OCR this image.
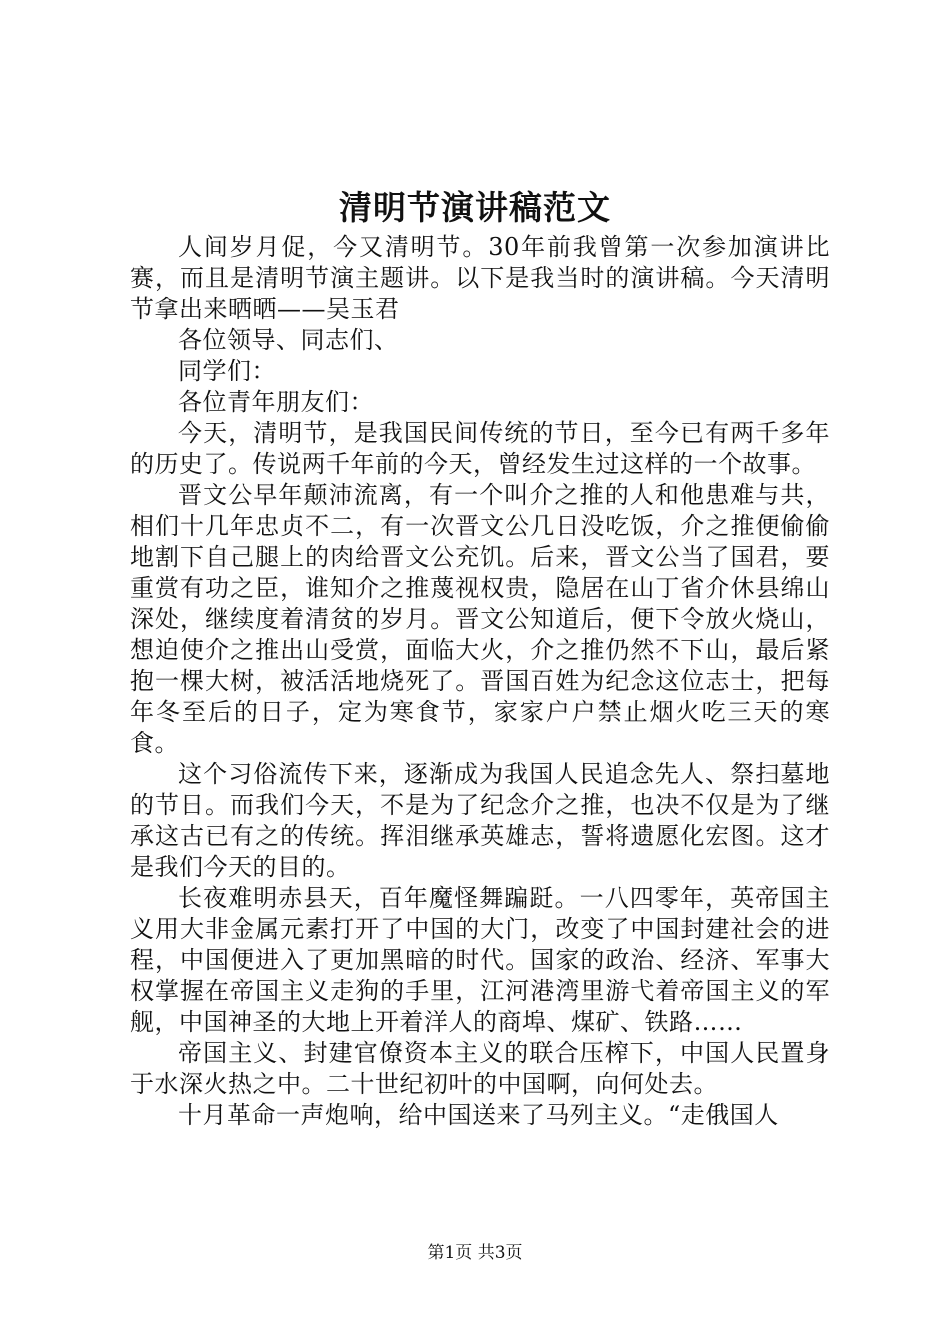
清明节演讲稿范文

人间岁月促，今又清明节。30年前我曾第一次参加演讲比赛，而且是清明节演主题讲。以下是我当时的演讲稿。今天清明节拿出来晒晒——吴玉君

各位领导、同志们、

同学们：

各位青年朋友们：

今天，清明节，是我国民间传统的节日，至今已有两千多年的历史了。传说两千年前的今天，曾经发生过这样的一个故事。

晋文公早年颠沛流离，有一个叫介之推的人和他患难与共，相们十几年忠贞不二，有一次晋文公几日没吃饭，介之推便偷偷地割下自己腿上的肉给晋文公充饥。后来，晋文公当了国君，要重赏有功之臣，谁知介之推蔑视权贵，隐居在山丁省介休县绵山深处，继续度着清贫的岁月。晋文公知道后，便下令放火烧山，想迫使介之推出山受赏，面临大火，介之推仍然不下山，最后紧抱一棵大树，被活活地烧死了。晋国百姓为纪念这位志士，把每年冬至后的日子，定为寒食节，家家户户禁止烟火吃三天的寒食。

这个习俗流传下来，逐渐成为我国人民追念先人、祭扫墓地的节日。而我们今天，不是为了纪念介之推，也决不仅是为了继承这古已有之的传统。挥泪继承英雄志，誓将遗愿化宏图。这才是我们今天的目的。

长夜难明赤县天，百年魔怪舞蹁跹。一八四零年，英帝国主义用大非金属元素打开了中国的大门，改变了中国封建社会的进程，中国便进入了更加黑暗的时代。国家的政治、经济、军事大权掌握在帝国主义走狗的手里，江河港湾里游弋着帝国主义的军舰，中国神圣的大地上开着洋人的商埠、煤矿、铁路……

帝国主义、封建官僚资本主义的联合压榨下，中国人民置身于水深火热之中。二十世纪初叶的中国啊，向何处去。

十月革命一声炮响，给中国送来了马列主义。“走俄国人

第1页 共3页
